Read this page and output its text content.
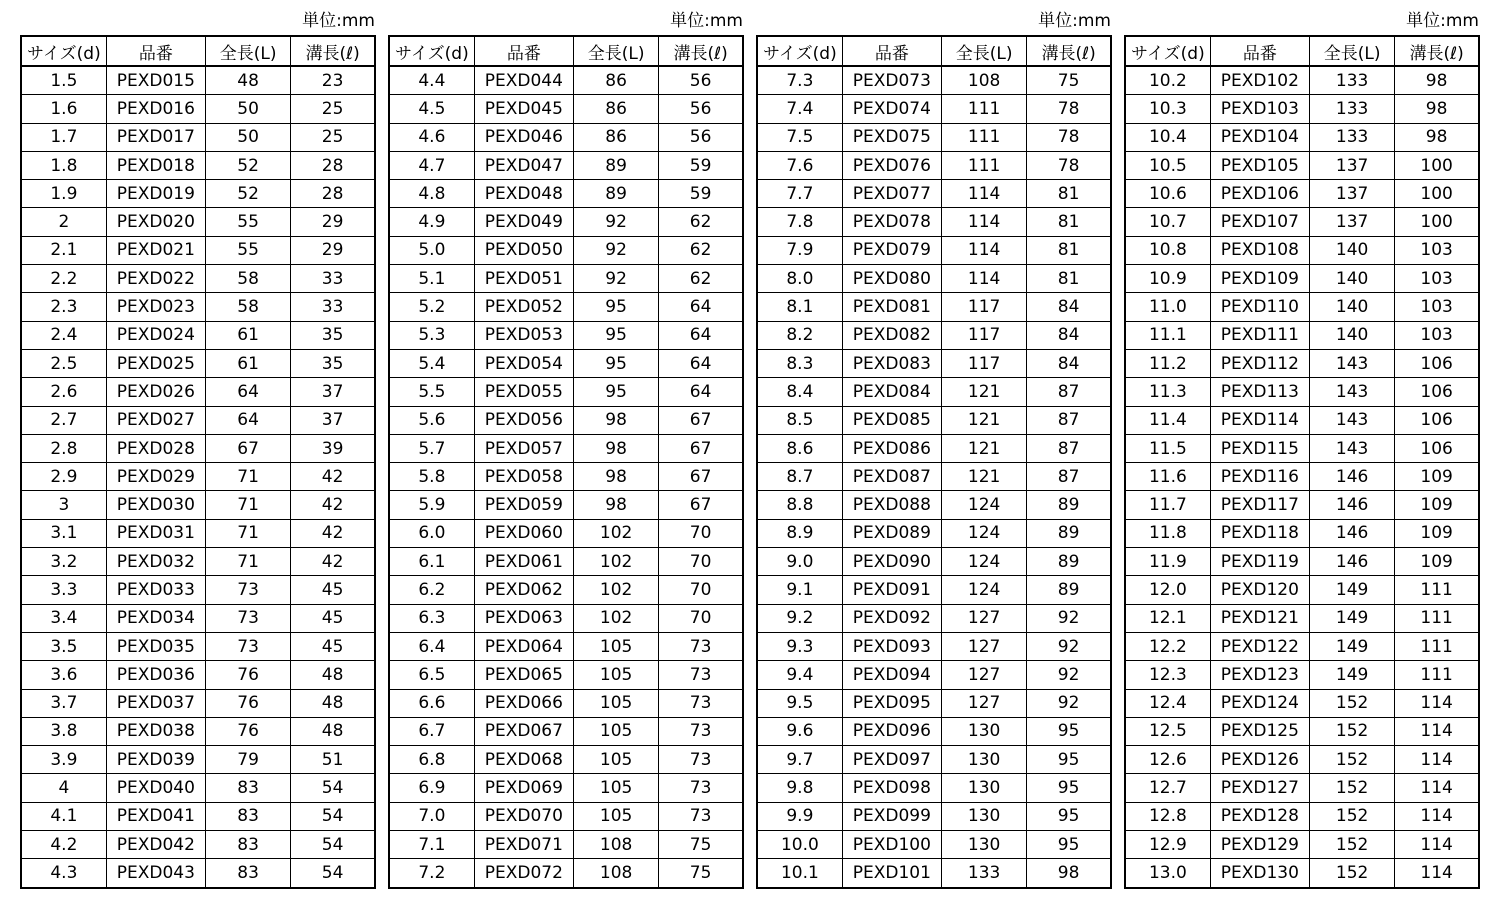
単位:mm
サイズ(d)	品番	全長(L)	溝長(ℓ)
1.5	PEXD015	48	23
1.6	PEXD016	50	25
1.7	PEXD017	50	25
1.8	PEXD018	52	28
1.9	PEXD019	52	28
2	PEXD020	55	29
2.1	PEXD021	55	29
2.2	PEXD022	58	33
2.3	PEXD023	58	33
2.4	PEXD024	61	35
2.5	PEXD025	61	35
2.6	PEXD026	64	37
2.7	PEXD027	64	37
2.8	PEXD028	67	39
2.9	PEXD029	71	42
3	PEXD030	71	42
3.1	PEXD031	71	42
3.2	PEXD032	71	42
3.3	PEXD033	73	45
3.4	PEXD034	73	45
3.5	PEXD035	73	45
3.6	PEXD036	76	48
3.7	PEXD037	76	48
3.8	PEXD038	76	48
3.9	PEXD039	79	51
4	PEXD040	83	54
4.1	PEXD041	83	54
4.2	PEXD042	83	54
4.3	PEXD043	83	54
単位:mm
サイズ(d)	品番	全長(L)	溝長(ℓ)
4.4	PEXD044	86	56
4.5	PEXD045	86	56
4.6	PEXD046	86	56
4.7	PEXD047	89	59
4.8	PEXD048	89	59
4.9	PEXD049	92	62
5.0	PEXD050	92	62
5.1	PEXD051	92	62
5.2	PEXD052	95	64
5.3	PEXD053	95	64
5.4	PEXD054	95	64
5.5	PEXD055	95	64
5.6	PEXD056	98	67
5.7	PEXD057	98	67
5.8	PEXD058	98	67
5.9	PEXD059	98	67
6.0	PEXD060	102	70
6.1	PEXD061	102	70
6.2	PEXD062	102	70
6.3	PEXD063	102	70
6.4	PEXD064	105	73
6.5	PEXD065	105	73
6.6	PEXD066	105	73
6.7	PEXD067	105	73
6.8	PEXD068	105	73
6.9	PEXD069	105	73
7.0	PEXD070	105	73
7.1	PEXD071	108	75
7.2	PEXD072	108	75
単位:mm
サイズ(d)	品番	全長(L)	溝長(ℓ)
7.3	PEXD073	108	75
7.4	PEXD074	111	78
7.5	PEXD075	111	78
7.6	PEXD076	111	78
7.7	PEXD077	114	81
7.8	PEXD078	114	81
7.9	PEXD079	114	81
8.0	PEXD080	114	81
8.1	PEXD081	117	84
8.2	PEXD082	117	84
8.3	PEXD083	117	84
8.4	PEXD084	121	87
8.5	PEXD085	121	87
8.6	PEXD086	121	87
8.7	PEXD087	121	87
8.8	PEXD088	124	89
8.9	PEXD089	124	89
9.0	PEXD090	124	89
9.1	PEXD091	124	89
9.2	PEXD092	127	92
9.3	PEXD093	127	92
9.4	PEXD094	127	92
9.5	PEXD095	127	92
9.6	PEXD096	130	95
9.7	PEXD097	130	95
9.8	PEXD098	130	95
9.9	PEXD099	130	95
10.0	PEXD100	130	95
10.1	PEXD101	133	98
単位:mm
サイズ(d)	品番	全長(L)	溝長(ℓ)
10.2	PEXD102	133	98
10.3	PEXD103	133	98
10.4	PEXD104	133	98
10.5	PEXD105	137	100
10.6	PEXD106	137	100
10.7	PEXD107	137	100
10.8	PEXD108	140	103
10.9	PEXD109	140	103
11.0	PEXD110	140	103
11.1	PEXD111	140	103
11.2	PEXD112	143	106
11.3	PEXD113	143	106
11.4	PEXD114	143	106
11.5	PEXD115	143	106
11.6	PEXD116	146	109
11.7	PEXD117	146	109
11.8	PEXD118	146	109
11.9	PEXD119	146	109
12.0	PEXD120	149	111
12.1	PEXD121	149	111
12.2	PEXD122	149	111
12.3	PEXD123	149	111
12.4	PEXD124	152	114
12.5	PEXD125	152	114
12.6	PEXD126	152	114
12.7	PEXD127	152	114
12.8	PEXD128	152	114
12.9	PEXD129	152	114
13.0	PEXD130	152	114
